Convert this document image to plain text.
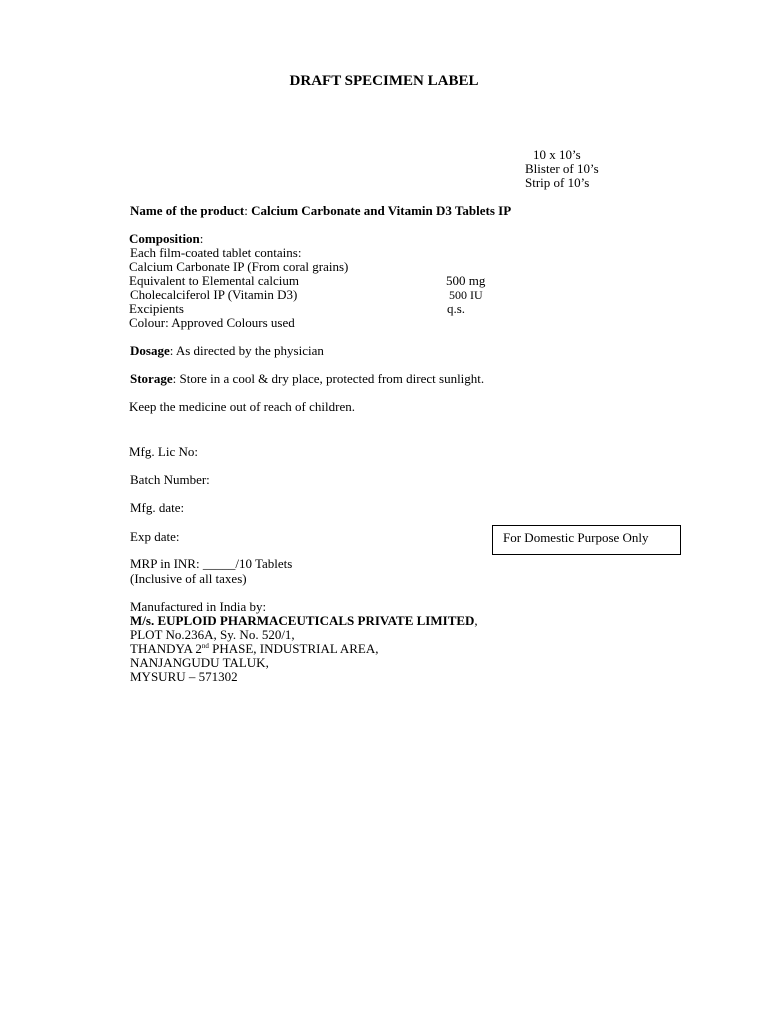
DRAFT SPECIMEN LABEL
10 x 10’s
Blister of 10’s
Strip of 10’s
Name of the product: Calcium Carbonate and Vitamin D3 Tablets IP
Composition:
Each film-coated tablet contains:
Calcium Carbonate IP (From coral grains)
Equivalent to Elemental calcium	500 mg
Cholecalciferol IP (Vitamin D3)	500 IU
Excipients	q.s.
Colour: Approved Colours used
Dosage: As directed by the physician
Storage: Store in a cool & dry place, protected from direct sunlight.
Keep the medicine out of reach of children.
Mfg. Lic No:
Batch Number:
Mfg. date:
Exp date:	For Domestic Purpose Only
MRP in INR: _____/10 Tablets
(Inclusive of all taxes)
Manufactured in India by:
M/s. EUPLOID PHARMACEUTICALS PRIVATE LIMITED,
PLOT No.236A, Sy. No. 520/1,
THANDYA 2nd PHASE, INDUSTRIAL AREA,
NANJANGUDU TALUK,
MYSURU – 571302
